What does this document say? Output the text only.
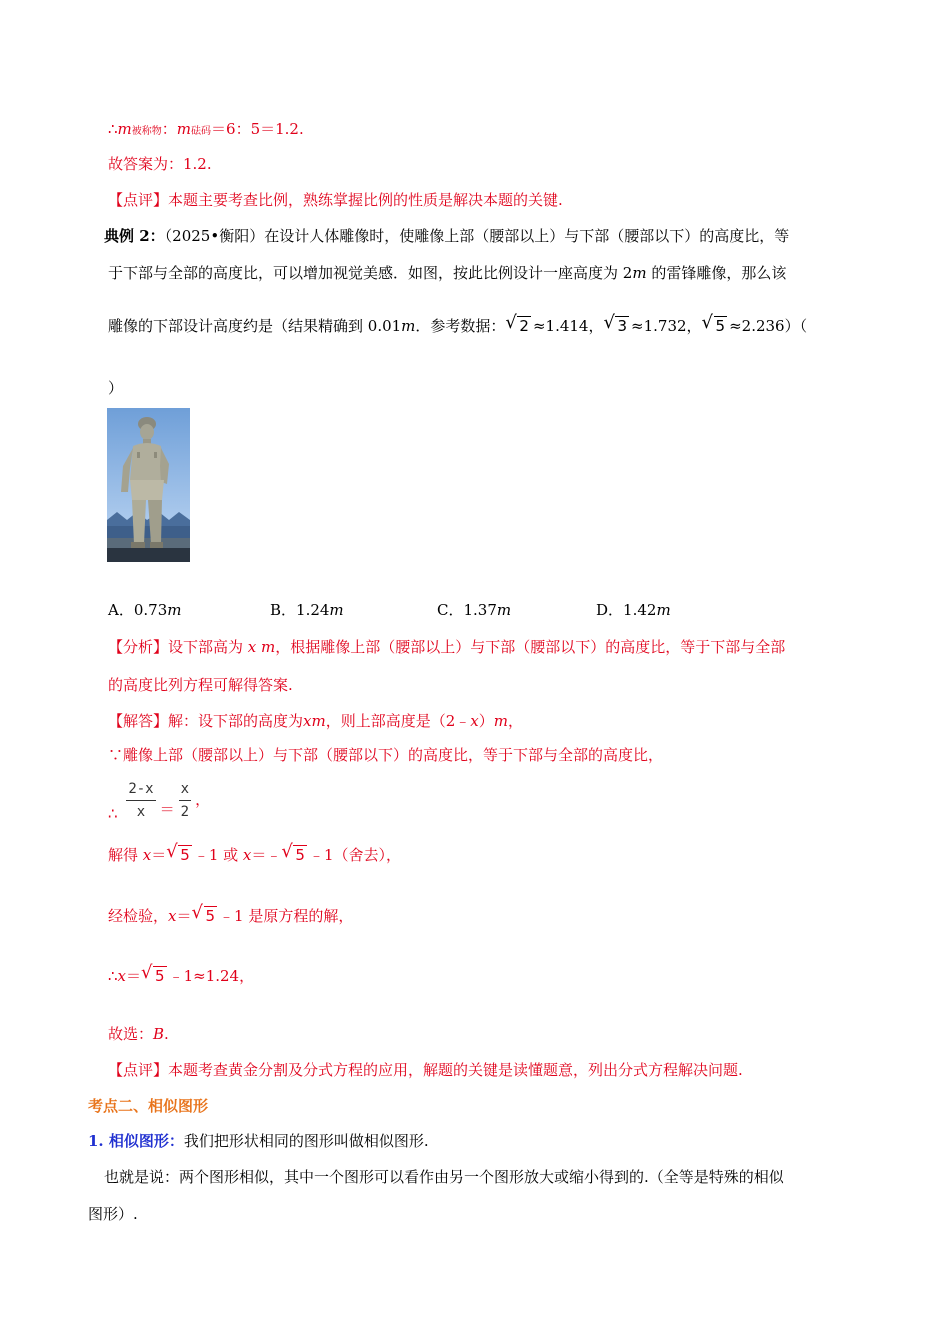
∴m被称物：m砝码＝6：5＝1.2.
故答案为：1.2.
【点评】本题主要考查比例，熟练掌握比例的性质是解决本题的关键.
典例 2：（2025•衡阳）在设计人体雕像时，使雕像上部（腰部以上）与下部（腰部以下）的高度比，等
于下部与全部的高度比，可以增加视觉美感．如图，按此比例设计一座高度为 2m 的雷锋雕像，那么该
雕像的下部设计高度约是（结果精确到 0.01m．参考数据： √ 2 ≈1.414， √ 3 ≈1.732， √ 5 ≈2.236）（
）
A．0.73m	B．1.24m	C．1.37m	D．1.42m
【分析】设下部高为 x m，根据雕像上部（腰部以上）与下部（腰部以下）的高度比，等于下部与全部
的高度比列方程可解得答案.
【解答】解：设下部的高度为xm，则上部高度是（2﹣x）m，
∵雕像上部（腰部以上）与下部（腰部以下）的高度比，等于下部与全部的高度比，
∴ $\frac{2-x}{x} = \frac{x}{2}$ ，
解得 x＝ √ 5 ﹣1 或 x＝﹣ √ 5 ﹣1（舍去），
经检验，x＝ √ 5 ﹣1 是原方程的解，
∴x＝ √ 5 ﹣1≈1.24，
故选：B.
【点评】本题考查黄金分割及分式方程的应用，解题的关键是读懂题意，列出分式方程解决问题.
考点二、相似图形
1. 相似图形：我们把形状相同的图形叫做相似图形.
也就是说：两个图形相似，其中一个图形可以看作由另一个图形放大或缩小得到的.（全等是特殊的相似
图形）.
